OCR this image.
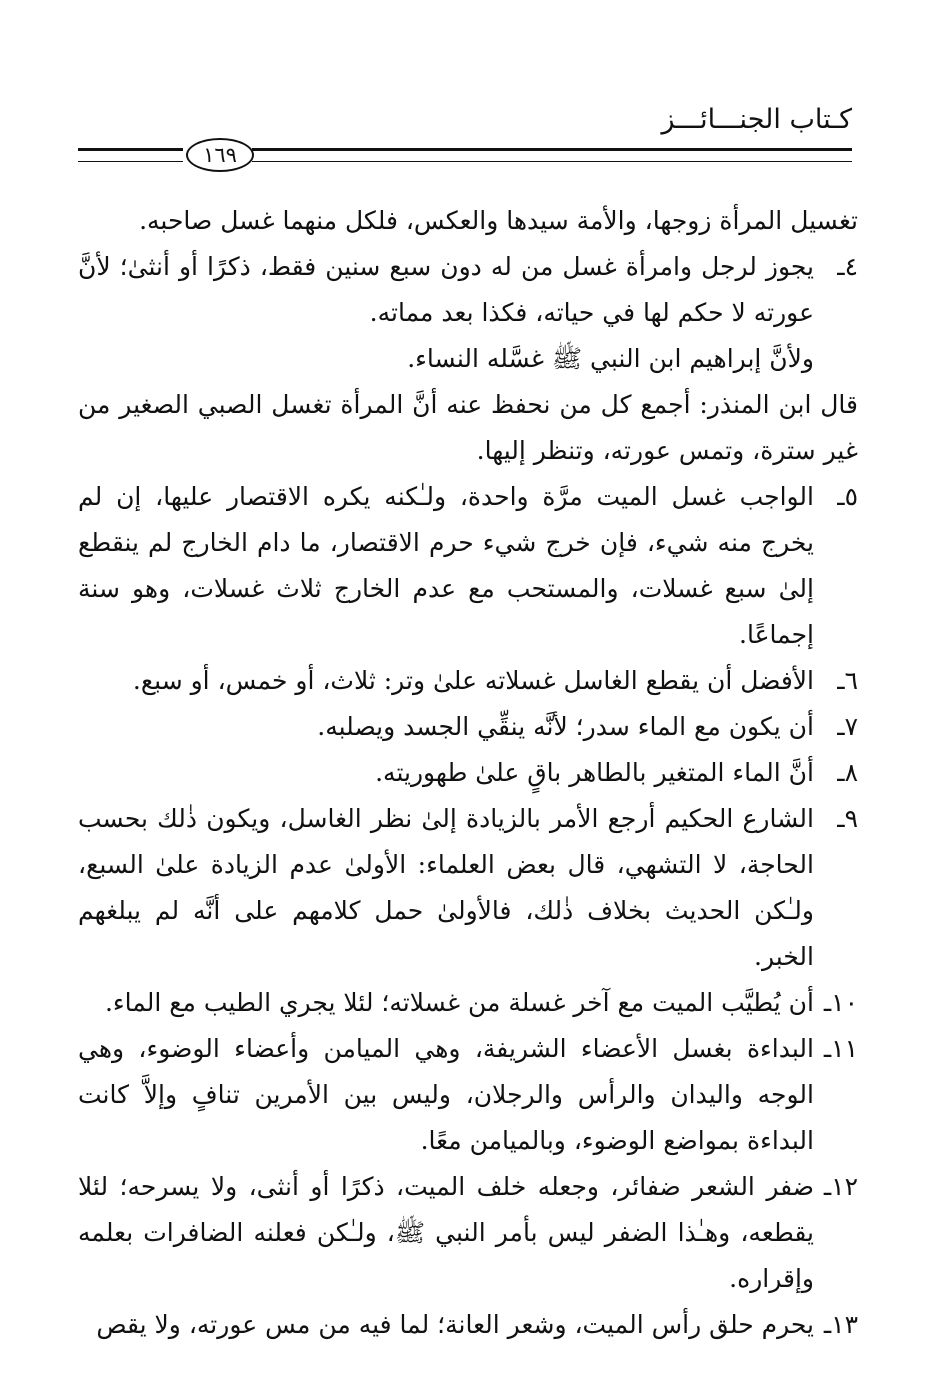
كـتاب الجنـــائـــز
١٦٩

تغسيل المرأة زوجها، والأمة سيدها والعكس، فلكل منهما غسل صاحبه.

٤ـيجوز لرجل وامرأة غسل من له دون سبع سنين فقط، ذكرًا أو أنثىٰ؛ لأنَّ عورته لا حكم لها في حياته، فكذا بعد مماته.

ولأنَّ إبراهيم ابن النبي ﷺ غسَّله النساء.

قال ابن المنذر: أجمع كل من نحفظ عنه أنَّ المرأة تغسل الصبي الصغير من غير سترة، وتمس عورته، وتنظر إليها.

٥ـالواجب غسل الميت مرَّة واحدة، ولـٰكنه يكره الاقتصار عليها، إن لم يخرج منه شيء، فإن خرج شيء حرم الاقتصار، ما دام الخارج لم ينقطع إلىٰ سبع غسلات، والمستحب مع عدم الخارج ثلاث غسلات، وهو سنة إجماعًا.

٦ـالأفضل أن يقطع الغاسل غسلاته علىٰ وتر: ثلاث، أو خمس، أو سبع.

٧ـأن يكون مع الماء سدر؛ لأنَّه ينقِّي الجسد ويصلبه.

٨ـأنَّ الماء المتغير بالطاهر باقٍ علىٰ طهوريته.

٩ـالشارع الحكيم أرجع الأمر بالزيادة إلىٰ نظر الغاسل، ويكون ذٰلك بحسب الحاجة، لا التشهي، قال بعض العلماء: الأولىٰ عدم الزيادة علىٰ السبع، ولـٰكن الحديث بخلاف ذٰلك، فالأولىٰ حمل كلامهم على أنَّه لم يبلغهم الخبر.

١٠ـأن يُطيَّب الميت مع آخر غسلة من غسلاته؛ لئلا يجري الطيب مع الماء.

١١ـالبداءة بغسل الأعضاء الشريفة، وهي الميامن وأعضاء الوضوء، وهي الوجه واليدان والرأس والرجلان، وليس بين الأمرين تنافٍ وإلاَّ كانت البداءة بمواضع الوضوء، وبالميامن معًا.

١٢ـضفر الشعر ضفائر، وجعله خلف الميت، ذكرًا أو أنثى، ولا يسرحه؛ لئلا يقطعه، وهـٰذا الضفر ليس بأمر النبي ﷺ، ولـٰكن فعلنه الضافرات بعلمه وإقراره.

١٣ـيحرم حلق رأس الميت، وشعر العانة؛ لما فيه من مس عورته، ولا يقص
